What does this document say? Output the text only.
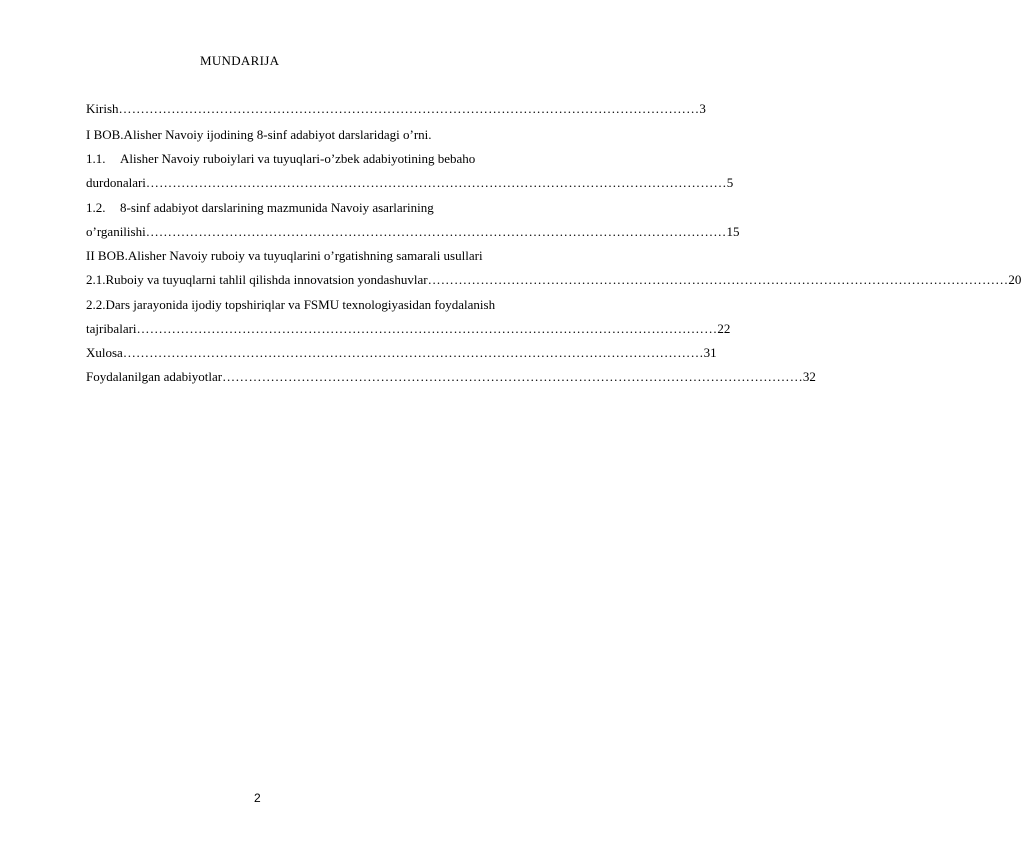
MUNDARIJA
Kirish …………………………………………………………………………………………………………………… 3
I BOB.Alisher Navoiy ijodining 8-sinf adabiyot darslaridagi o’rni.
1.1. Alisher Navoiy ruboiylari va tuyuqlari-o’zbek adabiyotining bebaho
durdonalari …………………………………………………………………………………………………………………… 5
1.2. 8-sinf adabiyot darslarining mazmunida Navoiy asarlarining
o’rganilishi …………………………………………………………………………………………………………………… 15
II BOB.Alisher Navoiy ruboiy va tuyuqlarini o’rgatishning samarali usullari
2.1.Ruboiy va tuyuqlarni tahlil qilishda innovatsion yondashuvlar …………………………………………………………………………………………………………………… 20
2.2.Dars jarayonida ijodiy topshiriqlar va FSMU texnologiyasidan foydalanish
tajribalari …………………………………………………………………………………………………………………… 22
Xulosa …………………………………………………………………………………………………………………… 31
Foydalanilgan adabiyotlar …………………………………………………………………………………………………………………… 32
2
